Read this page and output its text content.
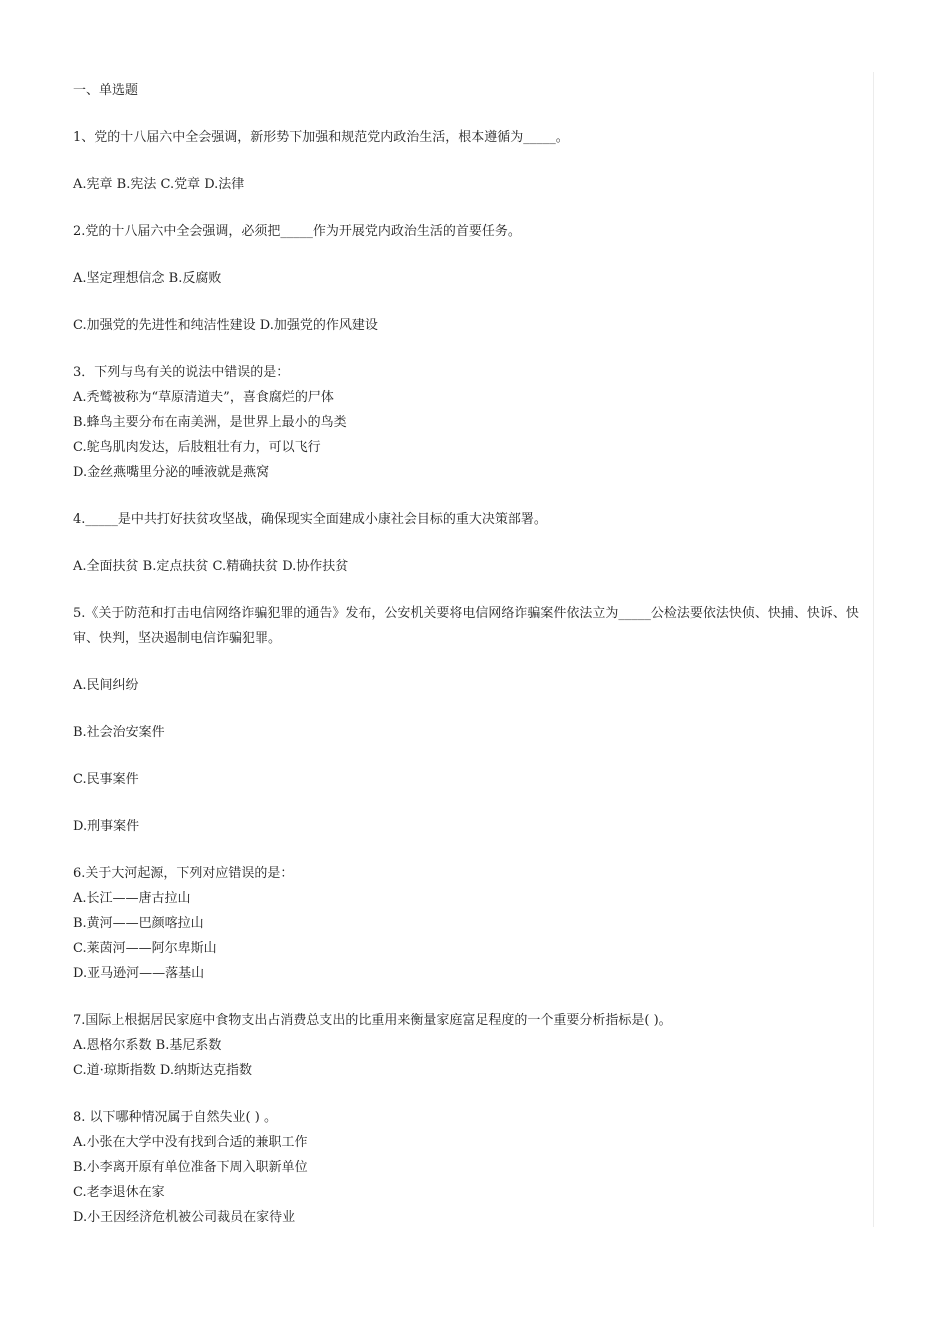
一、单选题

1、党的十八届六中全会强调，新形势下加强和规范党内政治生活，根本遵循为_____。

A.宪章 B.宪法 C.党章 D.法律

2.党的十八届六中全会强调，必须把_____作为开展党内政治生活的首要任务。

A.坚定理想信念 B.反腐败

C.加强党的先进性和纯洁性建设 D.加强党的作风建设

3．下列与鸟有关的说法中错误的是：

A.秃鹫被称为“草原清道夫”，喜食腐烂的尸体

B.蜂鸟主要分布在南美洲，是世界上最小的鸟类

C.鸵鸟肌肉发达，后肢粗壮有力，可以飞行

D.金丝燕嘴里分泌的唾液就是燕窝

4._____是中共打好扶贫攻坚战，确保现实全面建成小康社会目标的重大决策部署。

A.全面扶贫 B.定点扶贫 C.精确扶贫 D.协作扶贫

5.《关于防范和打击电信网络诈骗犯罪的通告》发布，公安机关要将电信网络诈骗案件依法立为_____公检法要依法快侦、快捕、快诉、快审、快判，坚决遏制电信诈骗犯罪。

A.民间纠纷

B.社会治安案件

C.民事案件

D.刑事案件

6.关于大河起源，下列对应错误的是：

A.长江——唐古拉山

B.黄河——巴颜喀拉山

C.莱茵河——阿尔卑斯山

D.亚马逊河——落基山

7.国际上根据居民家庭中食物支出占消费总支出的比重用来衡量家庭富足程度的一个重要分析指标是( )。

A.恩格尔系数 B.基尼系数

C.道·琼斯指数 D.纳斯达克指数

8. 以下哪种情况属于自然失业( ) 。

A.小张在大学中没有找到合适的兼职工作

B.小李离开原有单位准备下周入职新单位

C.老李退休在家

D.小王因经济危机被公司裁员在家待业
